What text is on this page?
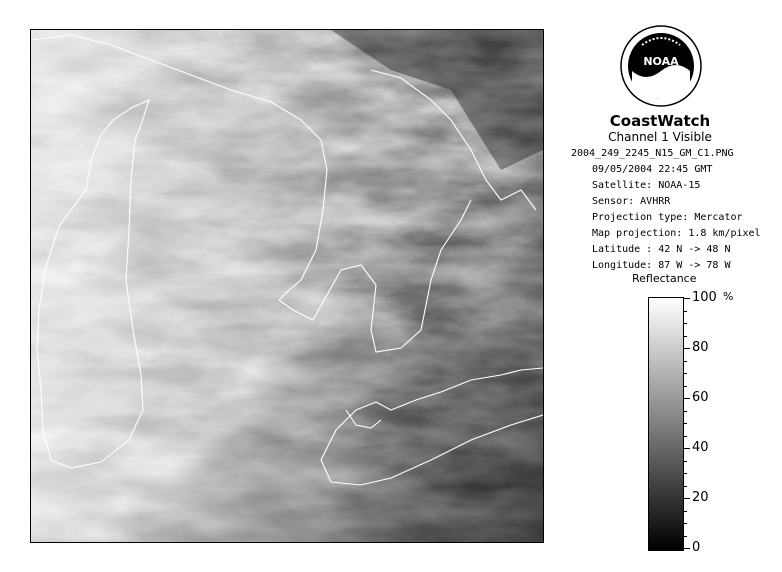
NOAA
CoastWatch
Channel 1 Visible
2004_249_2245_N15_GM_C1.PNG
09/05/2004 22:45 GMT
Satellite: NOAA-15
Sensor: AVHRR
Projection type: Mercator
Map projection: 1.8 km/pixel
Latitude : 42 N -> 48 N
Longitude: 87 W -> 78 W
Reflectance
%
100
80
60
40
20
0
